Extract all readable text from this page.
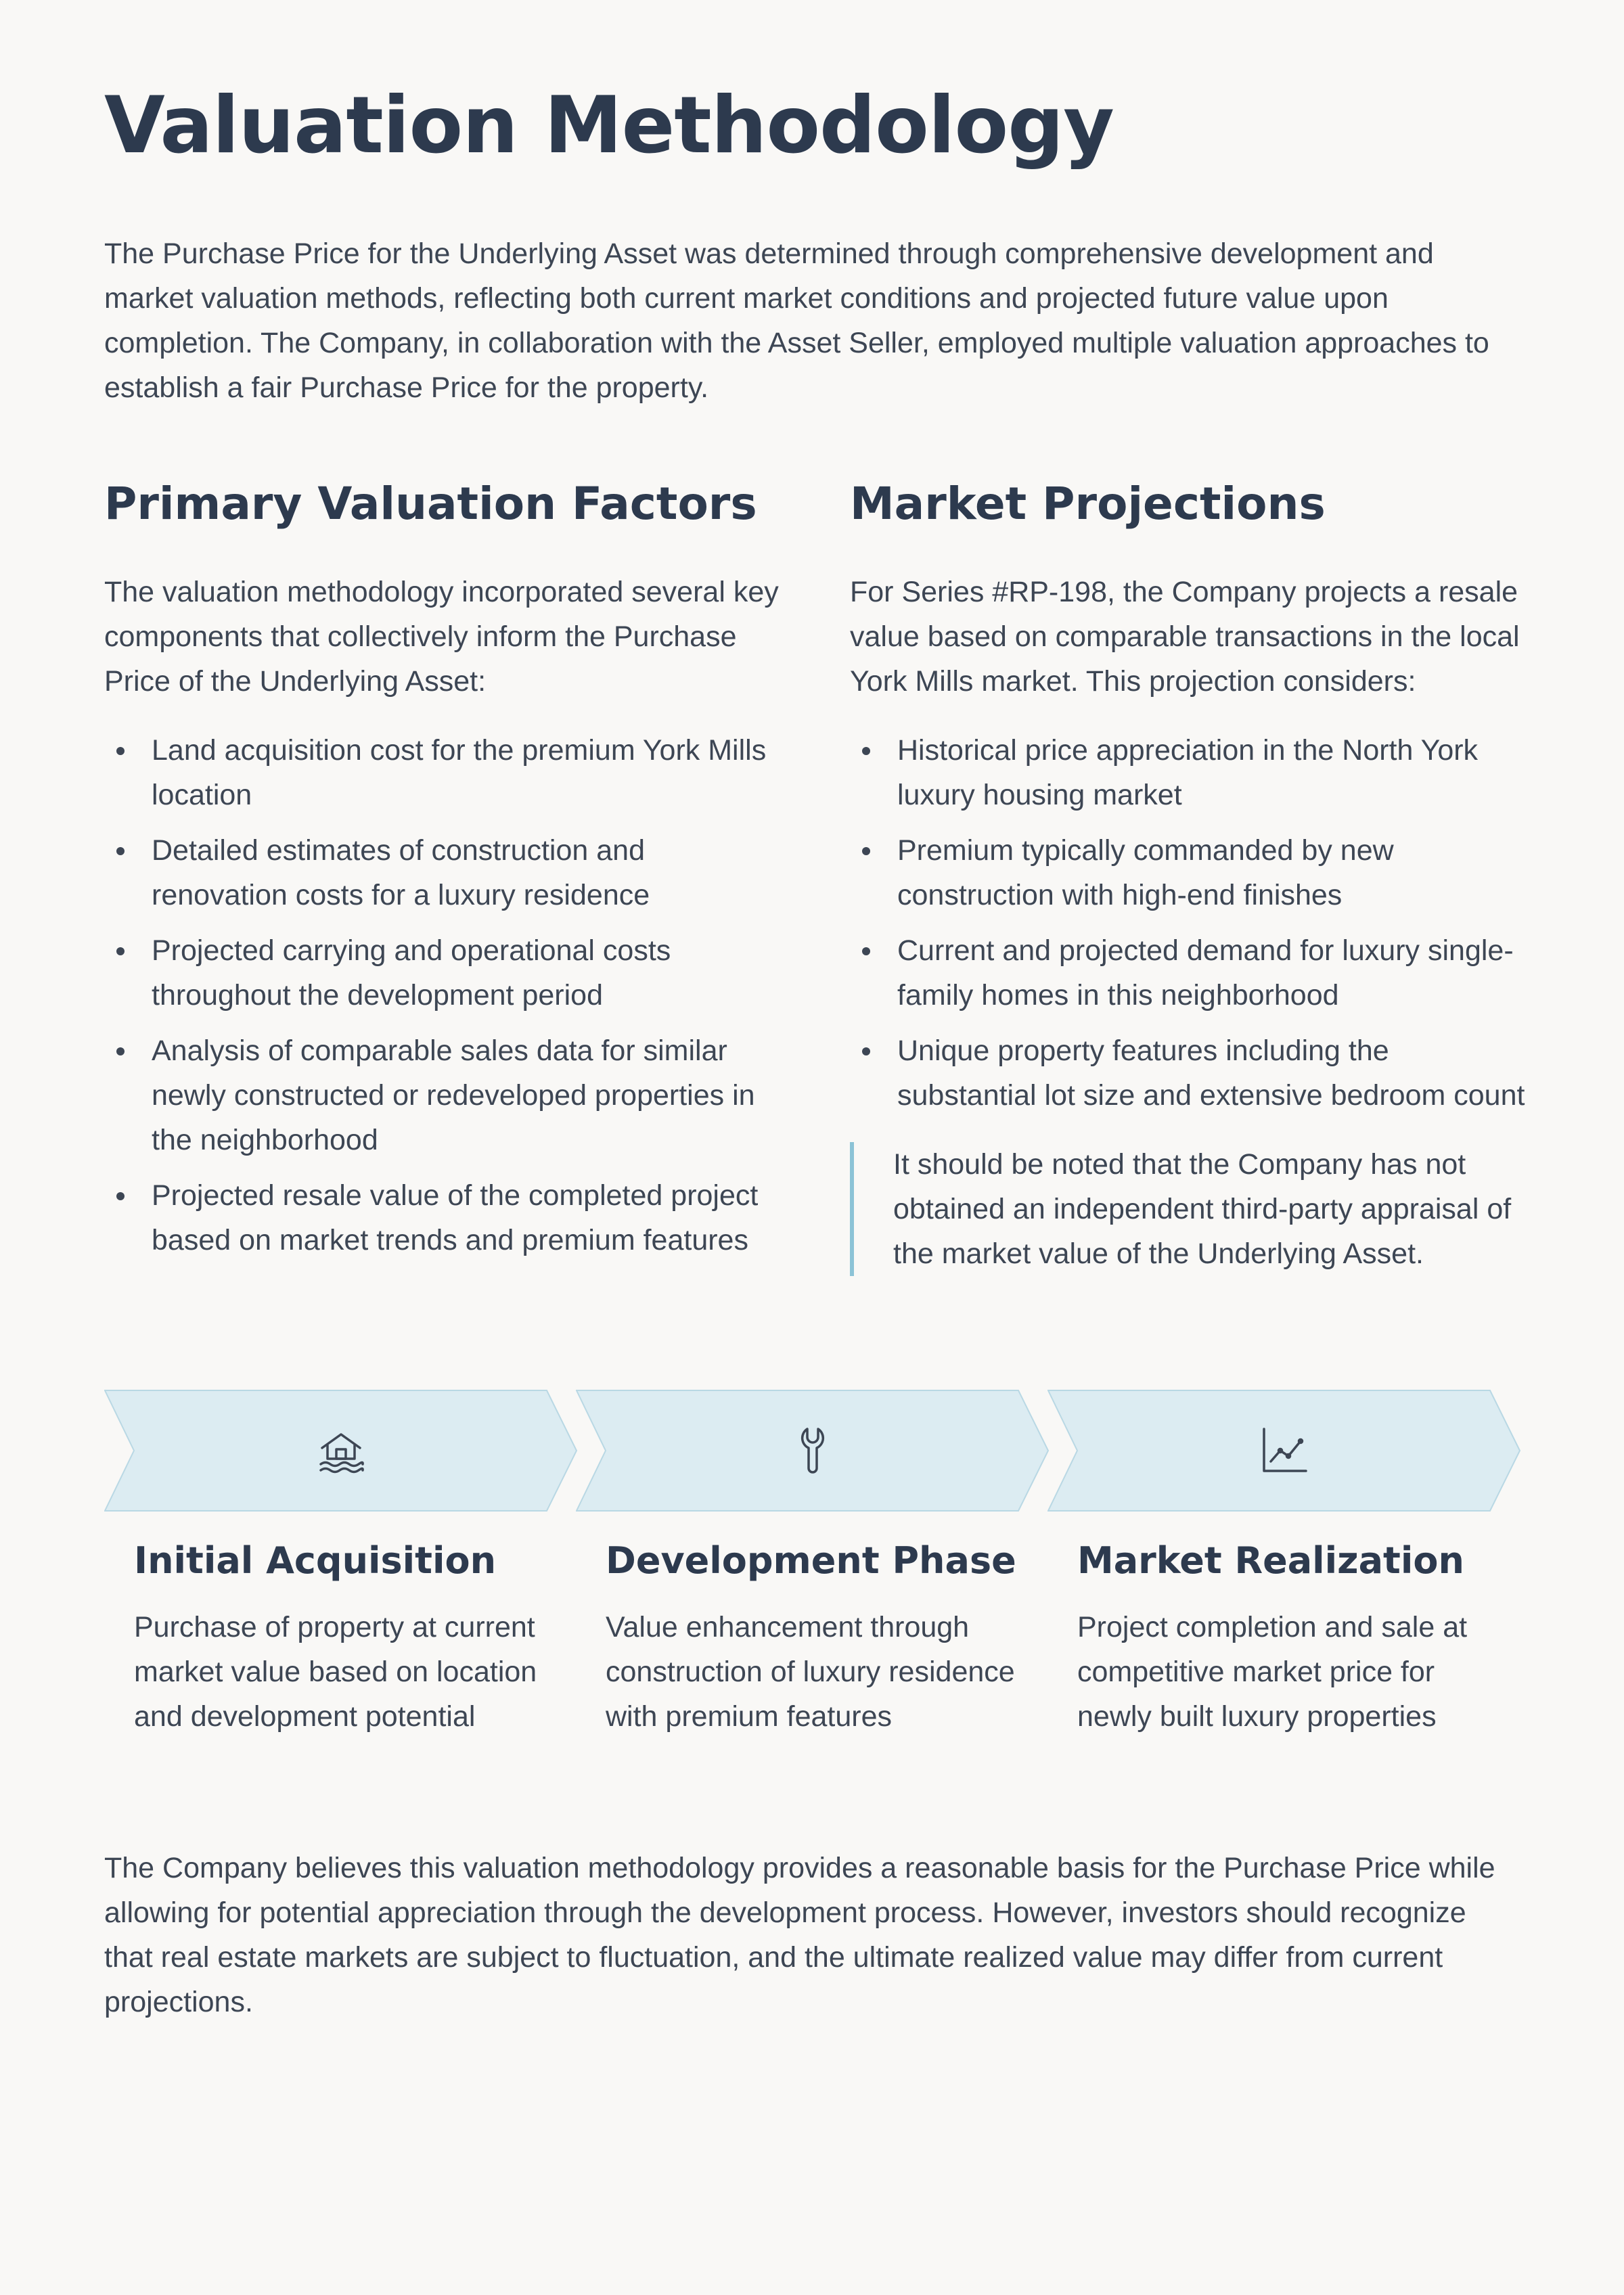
Valuation Methodology

The Purchase Price for the Underlying Asset was determined through comprehensive development and market valuation methods, reflecting both current market conditions and projected future value upon completion. The Company, in collaboration with the Asset Seller, employed multiple valuation approaches to establish a fair Purchase Price for the property.

Primary Valuation Factors

The valuation methodology incorporated several key components that collectively inform the Purchase Price of the Underlying Asset:

Land acquisition cost for the premium York Mills location
Detailed estimates of construction and renovation costs for a luxury residence
Projected carrying and operational costs throughout the development period
Analysis of comparable sales data for similar newly constructed or redeveloped properties in the neighborhood
Projected resale value of the completed project based on market trends and premium features
Market Projections

For Series #RP-198, the Company projects a resale value based on comparable transactions in the local York Mills market. This projection considers:

Historical price appreciation in the North York luxury housing market
Premium typically commanded by new construction with high-end finishes
Current and projected demand for luxury single-family homes in this neighborhood
Unique property features including the substantial lot size and extensive bedroom count
It should be noted that the Company has not obtained an independent third-party appraisal of the market value of the Underlying Asset.
Initial Acquisition

Purchase of property at current market value based on location and development potential

Development Phase

Value enhancement through construction of luxury residence with premium features

Market Realization

Project completion and sale at competitive market price for newly built luxury properties

The Company believes this valuation methodology provides a reasonable basis for the Purchase Price while allowing for potential appreciation through the development process. However, investors should recognize that real estate markets are subject to fluctuation, and the ultimate realized value may differ from current projections.
